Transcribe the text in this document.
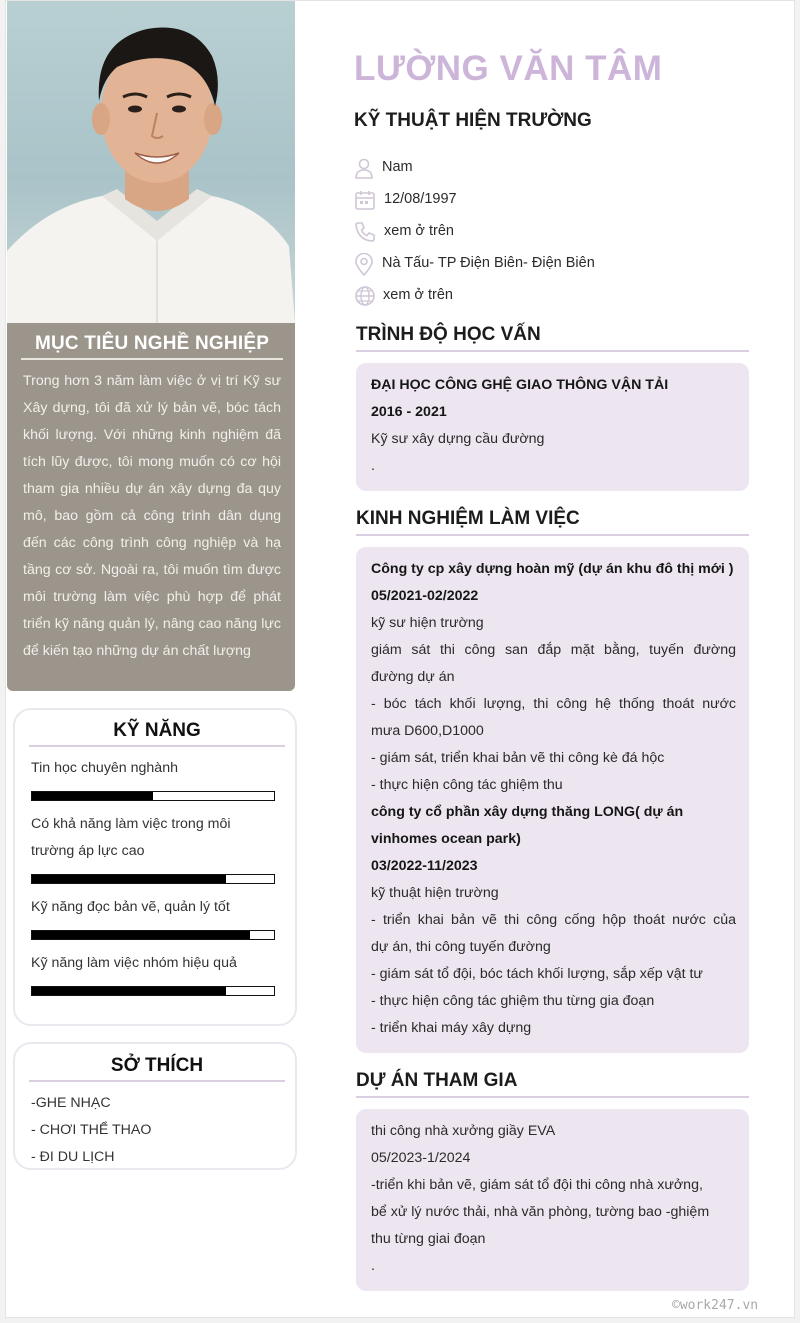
MỤC TIÊU NGHỀ NGHIỆP

Trong hơn 3 năm làm việc ở vị trí Kỹ sư Xây dựng, tôi đã xử lý bản vẽ, bóc tách khối lượng. Với những kinh nghiệm đã tích lũy được, tôi mong muốn có cơ hội tham gia nhiều dự án xây dựng đa quy mô, bao gồm cả công trình dân dụng đến các công trình công nghiệp và hạ tầng cơ sở. Ngoài ra, tôi muốn tìm được môi trường làm việc phù hợp để phát triển kỹ năng quản lý, nâng cao năng lực để kiến tạo những dự án chất lượng

KỸ NĂNG
Tin học chuyên nghành
Có khả năng làm việc trong môi
trường áp lực cao
Kỹ năng đọc bản vẽ, quản lý tốt
Kỹ năng làm việc nhóm hiệu quả
SỞ THÍCH
-GHE NHẠC
- CHƠI THỂ THAO
- ĐI DU LỊCH
LƯỜNG VĂN TÂM
KỸ THUẬT HIỆN TRƯỜNG
Nam
12/08/1997
xem ở trên
Nà Tấu- TP Điện Biên- Điện Biên
xem ở trên
TRÌNH ĐỘ HỌC VẤN
ĐẠI HỌC CÔNG GHỆ GIAO THÔNG VẬN TẢI
2016 - 2021
Kỹ sư xây dựng cầu đường
.
KINH NGHIỆM LÀM VIỆC
Công ty cp xây dựng hoàn mỹ (dự án khu đô thị mới )
05/2021-02/2022
kỹ sư hiện trường
giám sát thi công san đắp mặt bằng, tuyến đường
đường dự án
- bóc tách khối lượng, thi công hệ thống thoát nước
mưa D600,D1000
- giám sát, triển khai bản vẽ thi công kè đá hộc
- thực hiện công tác ghiệm thu
công ty cổ phần xây dựng thăng LONG( dự án
vinhomes ocean park)
03/2022-11/2023
kỹ thuật hiện trường
- triển khai bản vẽ thi công cống hộp thoát nước của
dự án, thi công tuyến đường
- giám sát tổ đội, bóc tách khối lượng, sắp xếp vật tư
- thực hiện công tác ghiệm thu từng gia đoạn
- triển khai máy xây dựng
DỰ ÁN THAM GIA
thi công nhà xưởng giầy EVA
05/2023-1/2024
-triển khi bản vẽ, giám sát tổ đội thi công nhà xưởng,
bể xử lý nước thải, nhà văn phòng, tường bao -ghiệm
thu từng giai đoạn
.
©work247.vn
